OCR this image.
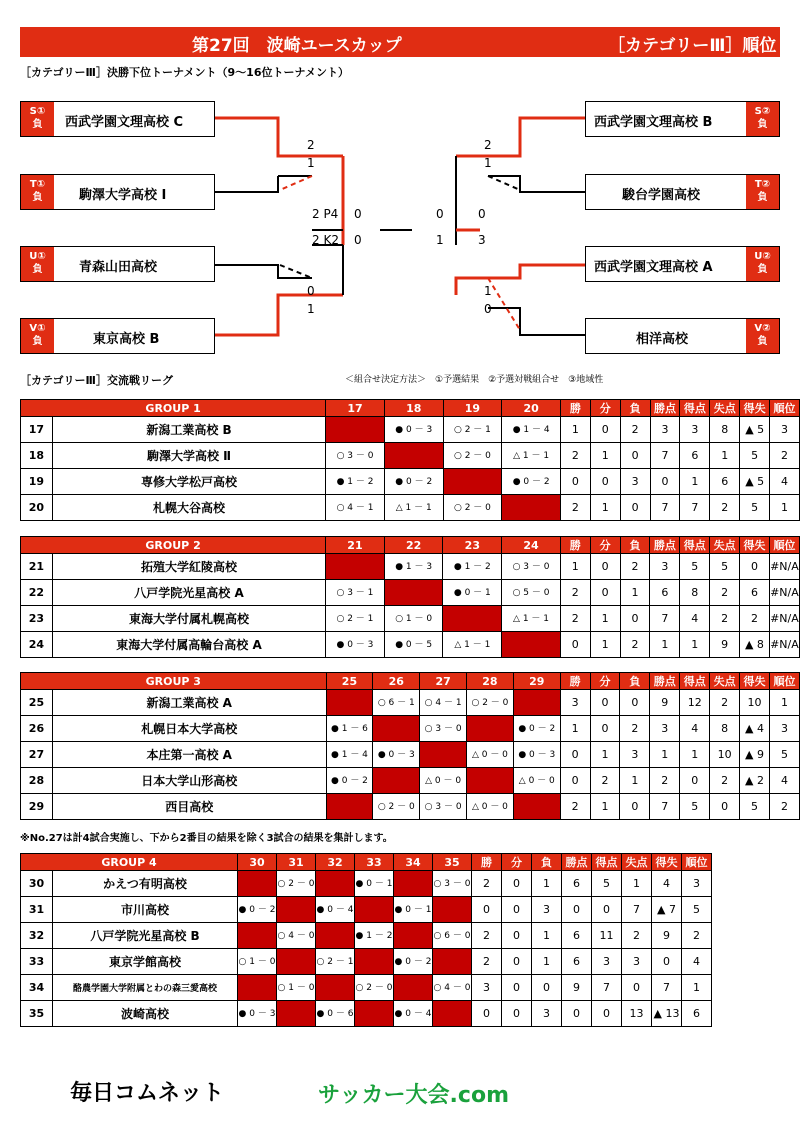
第27回　波崎ユースカップ	［カテゴリーⅢ］順位戦
［カテゴリーⅢ］決勝下位トーナメント（9～16位トーナメント）
S①
負	西武学園文理高校 C
T①
負	駒澤大学高校 Ⅰ
U①
負	青森山田高校
V①
負	東京高校 B
西武学園文理高校 B
S②
負
駿台学園高校
T②
負
西武学園文理高校 A
U②
負
相洋高校
V②
負
2
1
2 P4 0
2 K2 0
0
1
2
1
0	0
1	3
1
0
［カテゴリーⅢ］交流戦リーグ	＜組合せ決定方法＞　①予選結果　②予選対戦組合せ　③地域性
GROUP 1		17	18	19	20	勝	分	負	勝点	得点	失点	得失	順位
17	新潟工業高校 B		● 0 － 3	○ 2 － 1	● 1 － 4	1	0	2	3	3	8	▲ 5	3
18	駒澤大学高校 Ⅱ	○ 3 － 0		○ 2 － 0	△ 1 － 1	2	1	0	7	6	1	5	2
19	専修大学松戸高校	● 1 － 2	● 0 － 2		● 0 － 2	0	0	3	0	1	6	▲ 5	4
20	札幌大谷高校	○ 4 － 1	△ 1 － 1	○ 2 － 0		2	1	0	7	7	2	5	1
GROUP 2		21	22	23	24	勝	分	負	勝点	得点	失点	得失	順位
21	拓殖大学紅陵高校		● 1 － 3	● 1 － 2	○ 3 － 0	1	0	2	3	5	5	0	#N/A
22	八戸学院光星高校 A	○ 3 － 1		● 0 － 1	○ 5 － 0	2	0	1	6	8	2	6	#N/A
23	東海大学付属札幌高校	○ 2 － 1	○ 1 － 0		△ 1 － 1	2	1	0	7	4	2	2	#N/A
24	東海大学付属高輪台高校 A	● 0 － 3	● 0 － 5	△ 1 － 1		0	1	2	1	1	9	▲ 8	#N/A
GROUP 3		25	26	27	28	29	勝	分	負	勝点	得点	失点	得失	順位
25	新潟工業高校 A		○ 6 － 1	○ 4 － 1	○ 2 － 0		3	0	0	9	12	2	10	1
26	札幌日本大学高校	● 1 － 6		○ 3 － 0		● 0 － 2	1	0	2	3	4	8	▲ 4	3
27	本庄第一高校 A	● 1 － 4	● 0 － 3		△ 0 － 0	● 0 － 3	0	1	3	1	1	10	▲ 9	5
28	日本大学山形高校	● 0 － 2		△ 0 － 0		△ 0 － 0	0	2	1	2	0	2	▲ 2	4
29	西目高校		○ 2 － 0	○ 3 － 0	△ 0 － 0		2	1	0	7	5	0	5	2
GROUP 4		30	31	32	33	34	35	勝	分	負	勝点	得点	失点	得失	順位
30	かえつ有明高校		○ 2 － 0		● 0 － 1		○ 3 － 0	2	0	1	6	5	1	4	3
31	市川高校	● 0 － 2		● 0 － 4		● 0 － 1		0	0	3	0	0	7	▲ 7	5
32	八戸学院光星高校 B		○ 4 － 0		● 1 － 2		○ 6 － 0	2	0	1	6	11	2	9	2
33	東京学館高校	○ 1 － 0		○ 2 － 1		● 0 － 2		2	0	1	6	3	3	0	4
34	酪農学園大学附属とわの森三愛高校		○ 1 － 0		○ 2 － 0		○ 4 － 0	3	0	0	9	7	0	7	1
35	波崎高校	● 0 － 3		● 0 － 6		● 0 － 4		0	0	3	0	0	13	▲ 13	6
※No.27は計4試合実施し、下から2番目の結果を除く3試合の結果を集計します。
毎日コムネット	サッカー大会.com
